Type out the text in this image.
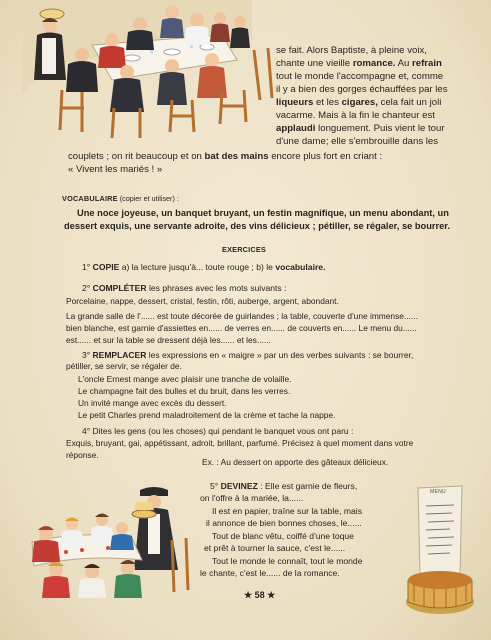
se fait. Alors Baptiste, à pleine voix,
chante une vieille romance. Au refrain
tout le monde l'accompagne et, comme
il y a bien des gorges échauffées par les
liqueurs et les cigares, cela fait un joli
vacarme. Mais à la fin le chanteur est
applaudi longuement. Puis vient le tour
d'une dame; elle s'embrouille dans les
couplets ; on rit beaucoup et on bat des mains encore plus fort en criant :
« Vivent les mariés ! »
VOCABULAIRE (copier et utiliser) :
Une noce joyeuse, un banquet bruyant, un festin magnifique, un menu abondant, un
dessert exquis, une servante adroite, des vins délicieux ; pétiller, se régaler, se bourrer.
EXERCICES
1° COPIE a) la lecture jusqu'à... toute rouge ; b) le vocabulaire.
2° COMPLÉTER les phrases avec les mots suivants :
Porcelaine, nappe, dessert, cristal, festin, rôti, auberge, argent, abondant.
La grande salle de l'...... est toute décorée de guirlandes ; la table, couverte d'une immense......
bien blanche, est garnie d'assiettes en...... de verres en...... de couverts en...... Le menu du......
est...... et sur la table se dressent déjà les...... et les......
3° REMPLACER les expressions en « maigre » par un des verbes suivants : se bourrer,
pétiller, se servir, se régaler de.
L'oncle Ernest mange avec plaisir une tranche de volaille.
Le champagne fait des bulles et du bruit, dans les verres.
Un invité mange avec excès du dessert.
Le petit Charles prend maladroitement de la crème et tache la nappe.
4° Dites les gens (ou les choses) qui pendant le banquet vous ont paru :
Exquis, bruyant, gai, appétissant, adroit, brillant, parfumé. Précisez à quel moment dans votre
réponse.
Ex. : Au dessert on apporte des gâteaux délicieux.
5° DEVINEZ : Elle est garnie de fleurs,
on l'offre à la mariée, la......
Il est en papier, traîne sur la table, mais
il annonce de bien bonnes choses, le......
Tout de blanc vêtu, coiffé d'une toque
et prêt à tourner la sauce, c'est le......
Tout le monde le connaît, tout le monde
le chante, c'est le...... de la romance.
MENU
★ 58 ★
